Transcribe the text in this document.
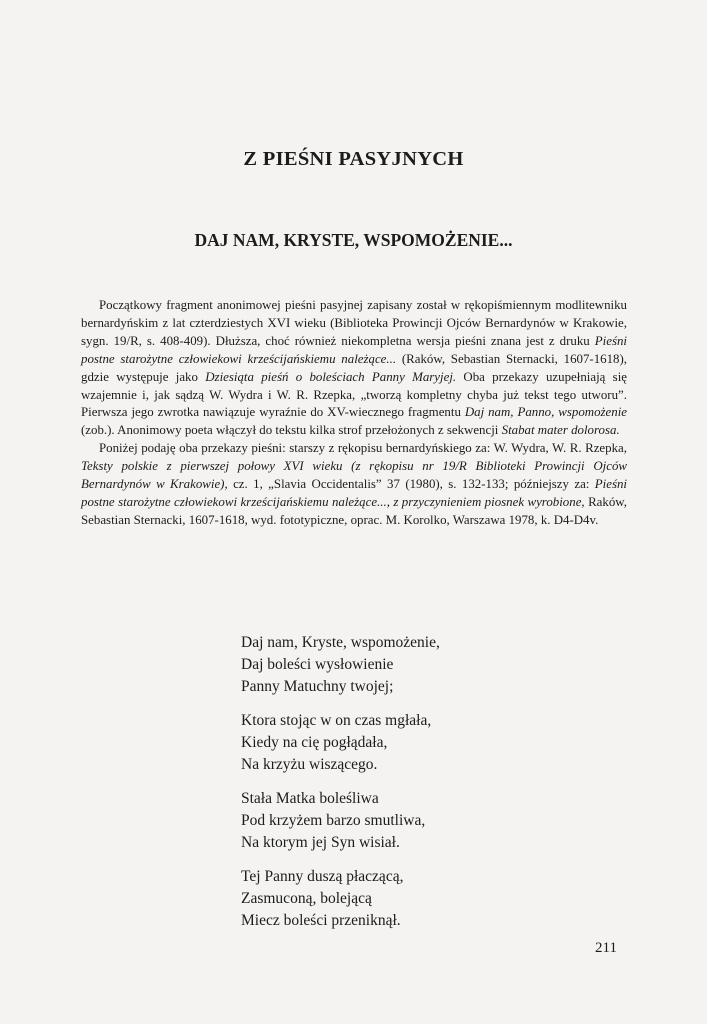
Z PIEŚNI PASYJNYCH
DAJ NAM, KRYSTE, WSPOMOŻENIE...

Początkowy fragment anonimowej pieśni pasyjnej zapisany został w rękopiśmiennym modlitewniku bernardyńskim z lat czterdziestych XVI wieku (Biblioteka Prowincji Ojców Bernardynów w Krakowie, sygn. 19/R, s. 408-409). Dłuższa, choć również niekompletna wersja pieśni znana jest z druku Pieśni postne starożytne człowiekowi krześcijańskiemu należące... (Raków, Sebastian Sternacki, 1607-1618), gdzie występuje jako Dziesiąta pieśń o boleściach Panny Maryjej. Oba przekazy uzupełniają się wzajemnie i, jak sądzą W. Wydra i W. R. Rzepka, „tworzą kompletny chyba już tekst tego utworu”. Pierwsza jego zwrotka nawiązuje wyraźnie do XV-wiecznego fragmentu Daj nam, Panno, wspomożenie (zob.). Anonimowy poeta włączył do tekstu kilka strof przełożonych z sekwencji Stabat mater dolorosa.

Poniżej podaję oba przekazy pieśni: starszy z rękopisu bernardyńskiego za: W. Wydra, W. R. Rzepka, Teksty polskie z pierwszej połowy XVI wieku (z rękopisu nr 19/R Biblioteki Prowincji Ojców Bernardynów w Krakowie), cz. 1, „Slavia Occidentalis” 37 (1980), s. 132-133; późniejszy za: Pieśni postne starożytne człowiekowi krześcijańskiemu należące..., z przyczynieniem piosnek wyrobione, Raków, Sebastian Sternacki, 1607-1618, wyd. fototypiczne, oprac. M. Korolko, Warszawa 1978, k. D4-D4v.

Daj nam, Kryste, wspomożenie,
Daj boleści wysłowienie
Panny Matuchny twojej;
Ktora stojąc w on czas mgłała,
Kiedy na cię pogłądała,
Na krzyżu wiszącego.
Stała Matka boleśliwa
Pod krzyżem barzo smutliwa,
Na ktorym jej Syn wisiał.
Tej Panny duszą płaczącą,
Zasmuconą, bolejącą
Miecz boleści przeniknął.
211
